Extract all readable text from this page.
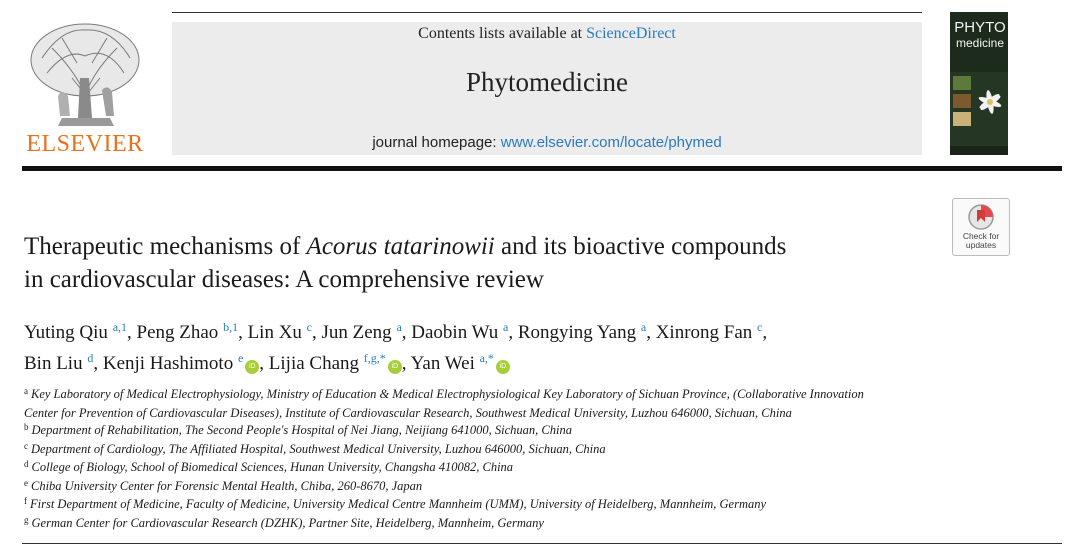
ELSEVIER
Contents lists available at ScienceDirect
Phytomedicine
journal homepage: www.elsevier.com/locate/phymed
PHYTO
medicine
Check for
updates
Therapeutic mechanisms of Acorus tatarinowii and its bioactive compounds
in cardiovascular diseases: A comprehensive review
Yuting Qiu $^{a,1}$, Peng Zhao $^{b,1}$, Lin Xu $^c$, Jun Zeng $^a$, Daobin Wu $^a$, Rongying Yang $^a$, Xinrong Fan $^c$,
Bin Liu $^d$, Kenji Hashimoto $^e$iD , Lijia Chang $^{f,g,*}$iD , Yan Wei $^{a,*}$iD
$^a$ Key Laboratory of Medical Electrophysiology, Ministry of Education & Medical Electrophysiological Key Laboratory of Sichuan Province, (Collaborative Innovation
Center for Prevention of Cardiovascular Diseases), Institute of Cardiovascular Research, Southwest Medical University, Luzhou 646000, Sichuan, China
$^b$ Department of Rehabilitation, The Second People's Hospital of Nei Jiang, Neijiang 641000, Sichuan, China
$^c$ Department of Cardiology, The Affiliated Hospital, Southwest Medical University, Luzhou 646000, Sichuan, China
$^d$ College of Biology, School of Biomedical Sciences, Hunan University, Changsha 410082, China
$^e$ Chiba University Center for Forensic Mental Health, Chiba, 260-8670, Japan
$^f$ First Department of Medicine, Faculty of Medicine, University Medical Centre Mannheim (UMM), University of Heidelberg, Mannheim, Germany
$^g$ German Center for Cardiovascular Research (DZHK), Partner Site, Heidelberg, Mannheim, Germany
